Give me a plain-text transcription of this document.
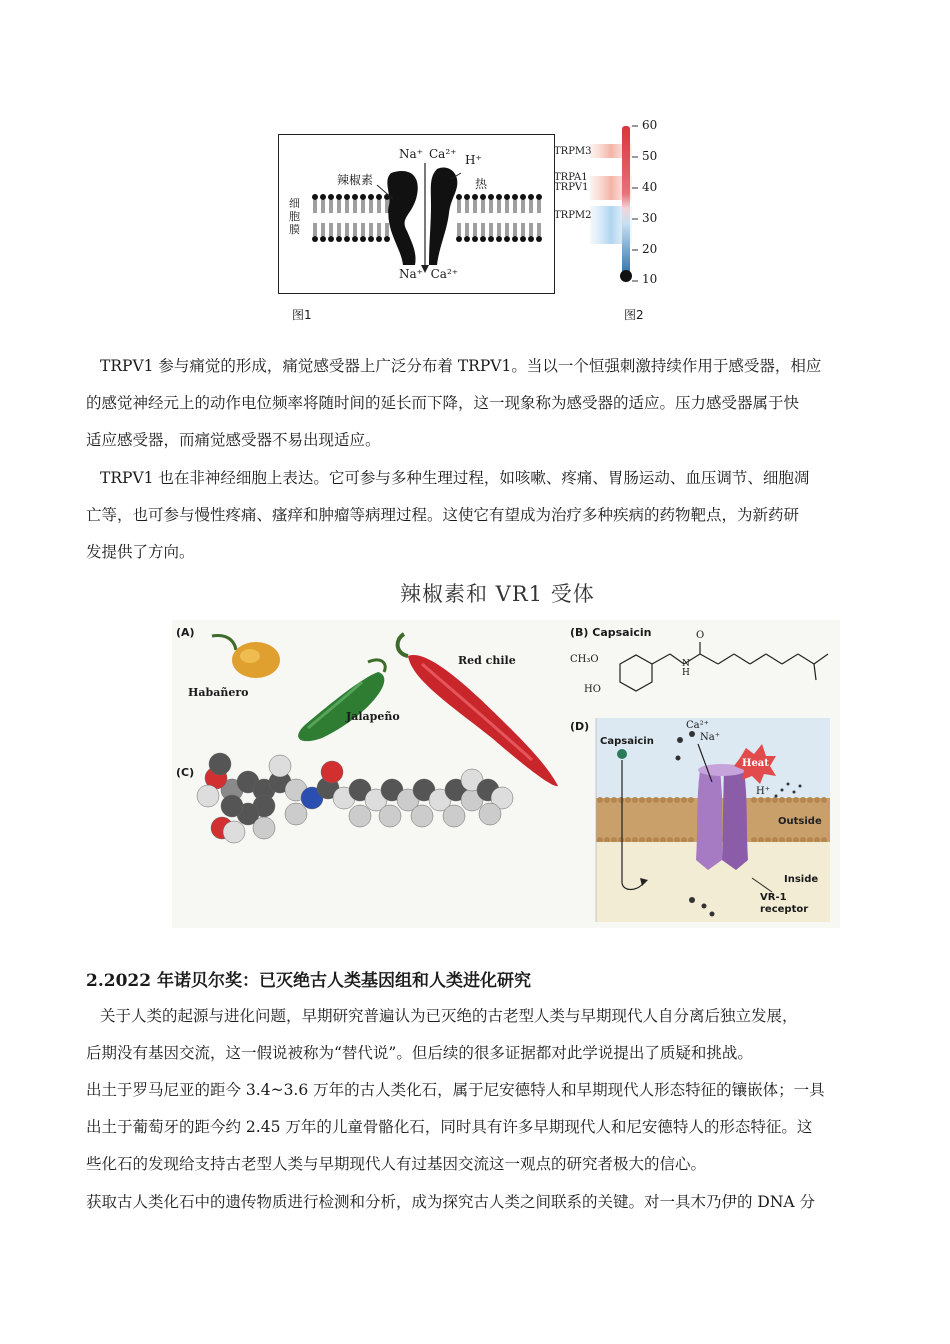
Na⁺ Ca²⁺ H⁺
辣椒素	热
细
胞
膜
Na⁺  Ca²⁺
图1
60
50
40
30
20
10
TRPM3
TRPA1
TRPV1
TRPM2
图2
TRPV1 参与痛觉的形成，痛觉感受器上广泛分布着 TRPV1。当以一个恒强刺激持续作用于感受器，相应
的感觉神经元上的动作电位频率将随时间的延长而下降，这一现象称为感受器的适应。压力感受器属于快
适应感受器，而痛觉感受器不易出现适应。
TRPV1 也在非神经细胞上表达。它可参与多种生理过程，如咳嗽、疼痛、胃肠运动、血压调节、细胞凋
亡等，也可参与慢性疼痛、瘙痒和肿瘤等病理过程。这使它有望成为治疗多种疾病的药物靶点，为新药研
发提供了方向。
辣椒素和 VR1 受体
(A)
Habañero
Jalapeño
Red chile
(C)
(B) Capsaicin
CH₃O
HO
N
H
O
(D)
Capsaicin
Ca²⁺
Na⁺
Heat
H⁺
Outside
Inside
VR-1
receptor
2.2022 年诺贝尔奖：已灭绝古人类基因组和人类进化研究
关于人类的起源与进化问题，早期研究普遍认为已灭绝的古老型人类与早期现代人自分离后独立发展，
后期没有基因交流，这一假说被称为“替代说”。但后续的很多证据都对此学说提出了质疑和挑战。
出土于罗马尼亚的距今 3.4~3.6 万年的古人类化石，属于尼安德特人和早期现代人形态特征的镶嵌体；一具
出土于葡萄牙的距今约 2.45 万年的儿童骨骼化石，同时具有许多早期现代人和尼安德特人的形态特征。这
些化石的发现给支持古老型人类与早期现代人有过基因交流这一观点的研究者极大的信心。
获取古人类化石中的遗传物质进行检测和分析，成为探究古人类之间联系的关键。对一具木乃伊的 DNA 分
